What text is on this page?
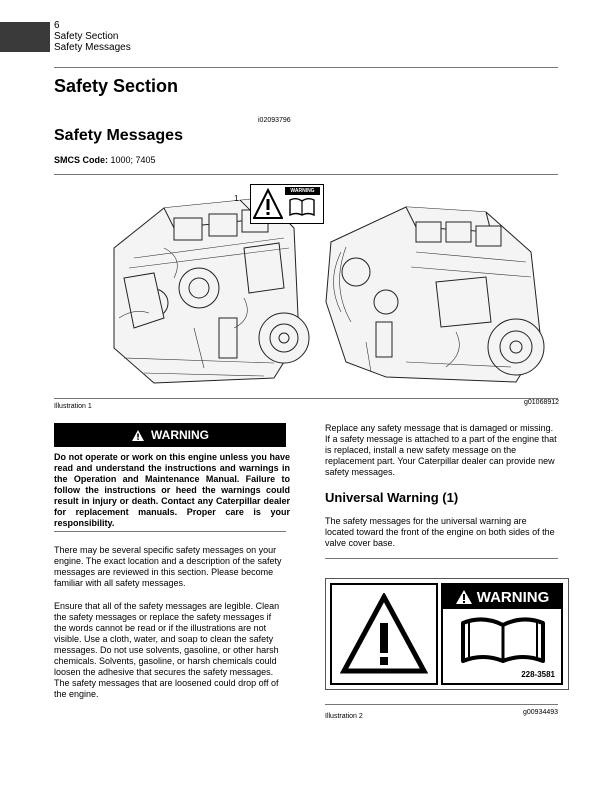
6
Safety Section
Safety Messages
Safety Section
i02093796
Safety Messages
SMCS Code: 1000; 7405
1
WARNING
Illustration 1
g01068912
WARNING
Do not operate or work on this engine unless you have read and understand the instructions and warnings in the Operation and Maintenance Manual. Failure to follow the instructions or heed the warnings could result in injury or death. Contact any Caterpillar dealer for replacement manuals. Proper care is your responsibility.
There may be several specific safety messages on your engine. The exact location and a description of the safety messages are reviewed in this section. Please become familiar with all safety messages.
Ensure that all of the safety messages are legible. Clean the safety messages or replace the safety messages if the words cannot be read or if the illustrations are not visible. Use a cloth, water, and soap to clean the safety messages. Do not use solvents, gasoline, or other harsh chemicals. Solvents, gasoline, or harsh chemicals could loosen the adhesive that secures the safety messages. The safety messages that are loosened could drop off of the engine.
Replace any safety message that is damaged or missing. If a safety message is attached to a part of the engine that is replaced, install a new safety message on the replacement part. Your Caterpillar dealer can provide new safety messages.
Universal Warning (1)
The safety messages for the universal warning are located toward the front of the engine on both sides of the valve cover base.
WARNING
228-3581
Illustration 2
g00934493
